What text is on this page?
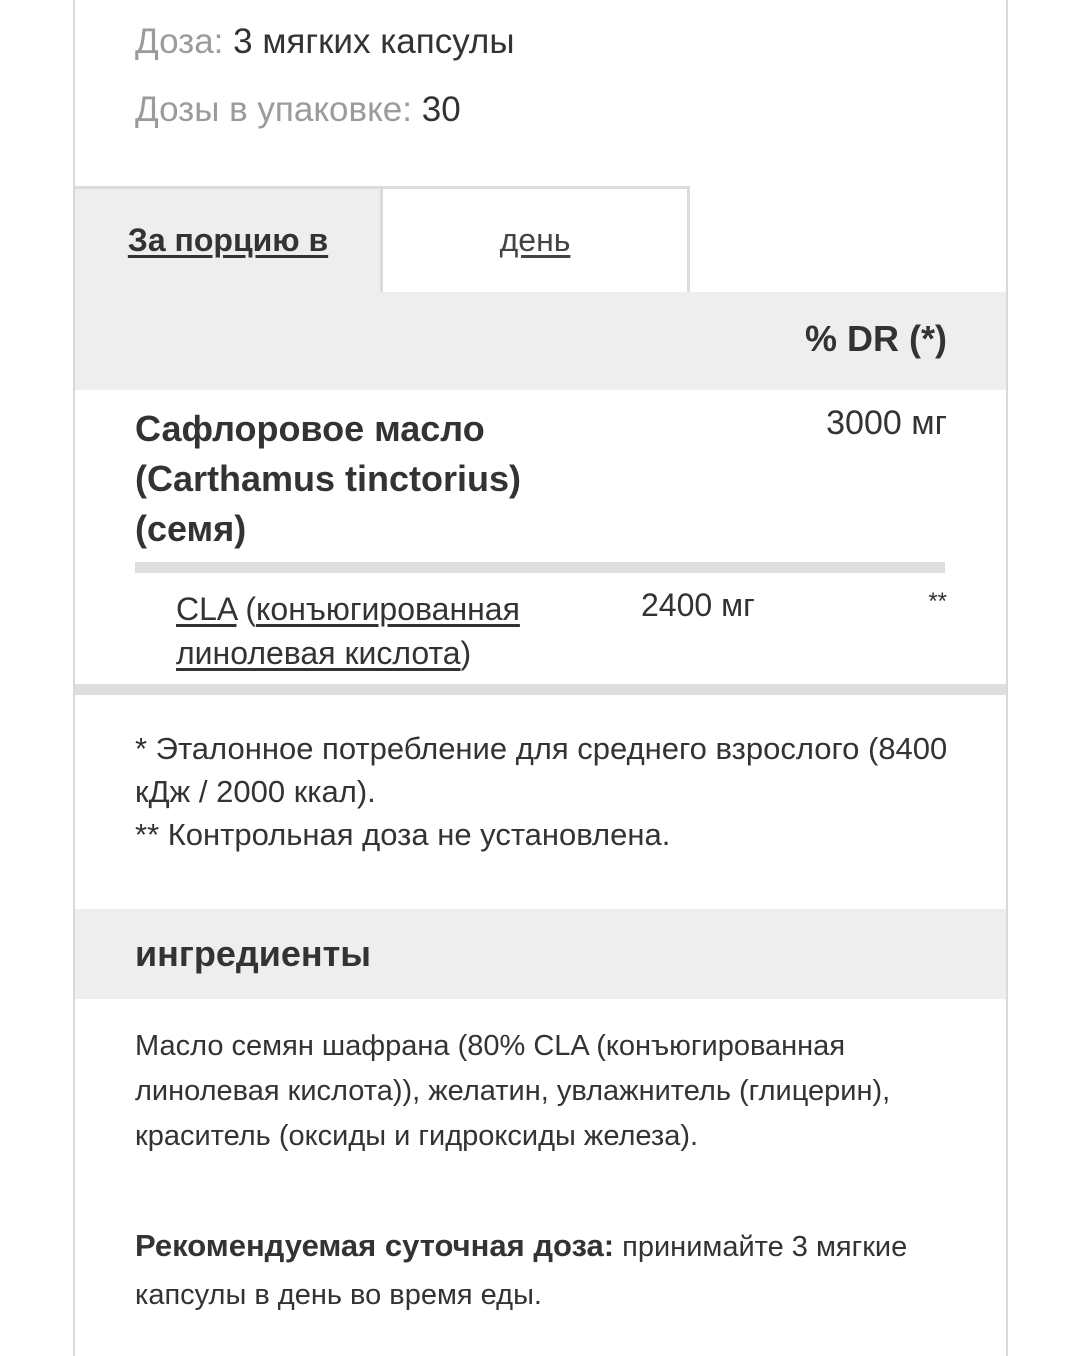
Доза: 3 мягких капсулы
Дозы в упаковке: 30
За порцию в	день
% DR (*)
Сафлоровое масло (Carthamus tinctorius) (семя)
3000 мг
CLA (конъюгированная линолевая кислота)
2400 мг	**
* Эталонное потребление для среднего взрослого (8400 кДж / 2000 ккал).
** Контрольная доза не установлена.
ингредиенты
Масло семян шафрана (80% CLA (конъюгированная линолевая кислота)), желатин, увлажнитель (глицерин), краситель (оксиды и гидроксиды железа).
Рекомендуемая суточная доза: принимайте 3 мягкие капсулы в день во время еды.
